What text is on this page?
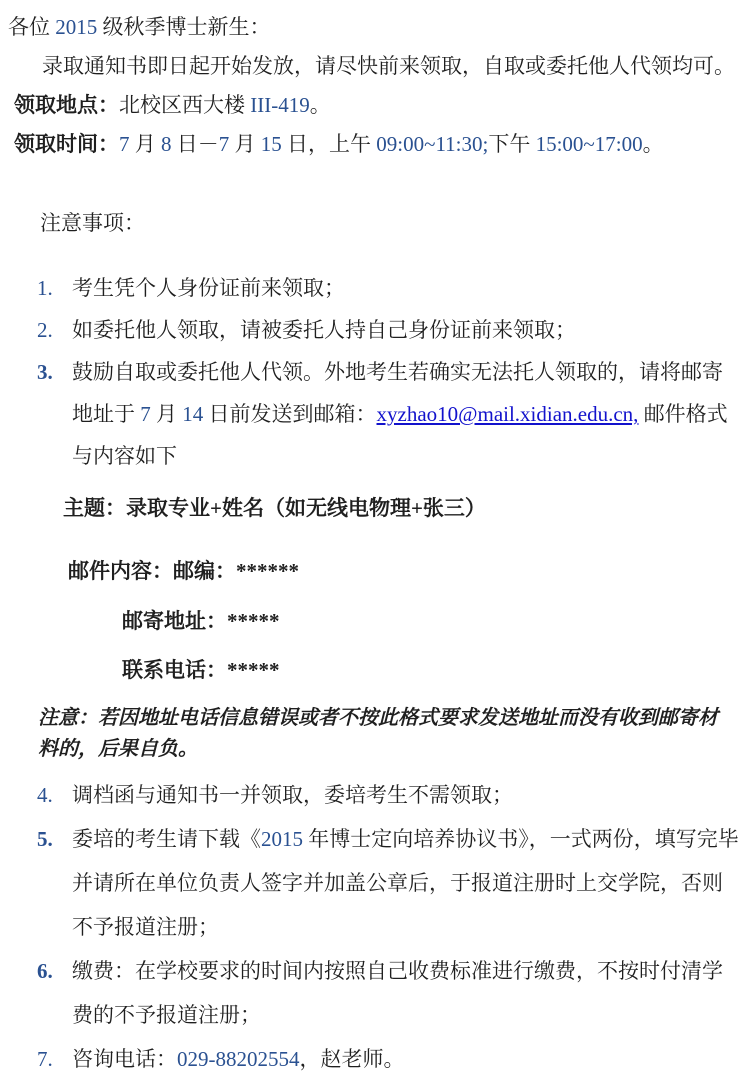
各位 2015 级秋季博士新生：

录取通知书即日起开始发放，请尽快前来领取，自取或委托他人代领均可。

领取地点：北校区西大楼 III-419。

领取时间：7 月 8 日－7 月 15 日，上午 09:00~11:30;下午 15:00~17:00。

注意事项：

1. 考生凭个人身份证前来领取；
2. 如委托他人领取，请被委托人持自己身份证前来领取；
3. 鼓励自取或委托他人代领。外地考生若确实无法托人领取的，请将邮寄地址于 7 月 14 日前发送到邮箱：xyzhao10@mail.xidian.edu.cn, 邮件格式与内容如下

主题：录取专业+姓名（如无线电物理+张三）

邮件内容：邮编：******

邮寄地址：*****

联系电话：*****

注意：若因地址电话信息错误或者不按此格式要求发送地址而没有收到邮寄材料的，后果自负。

4. 调档函与通知书一并领取，委培考生不需领取；
5. 委培的考生请下载《2015 年博士定向培养协议书》，一式两份，填写完毕并请所在单位负责人签字并加盖公章后，于报道注册时上交学院，否则不予报道注册；
6. 缴费：在学校要求的时间内按照自己收费标准进行缴费，不按时付清学费的不予报道注册；
7. 咨询电话：029-88202554，赵老师。
